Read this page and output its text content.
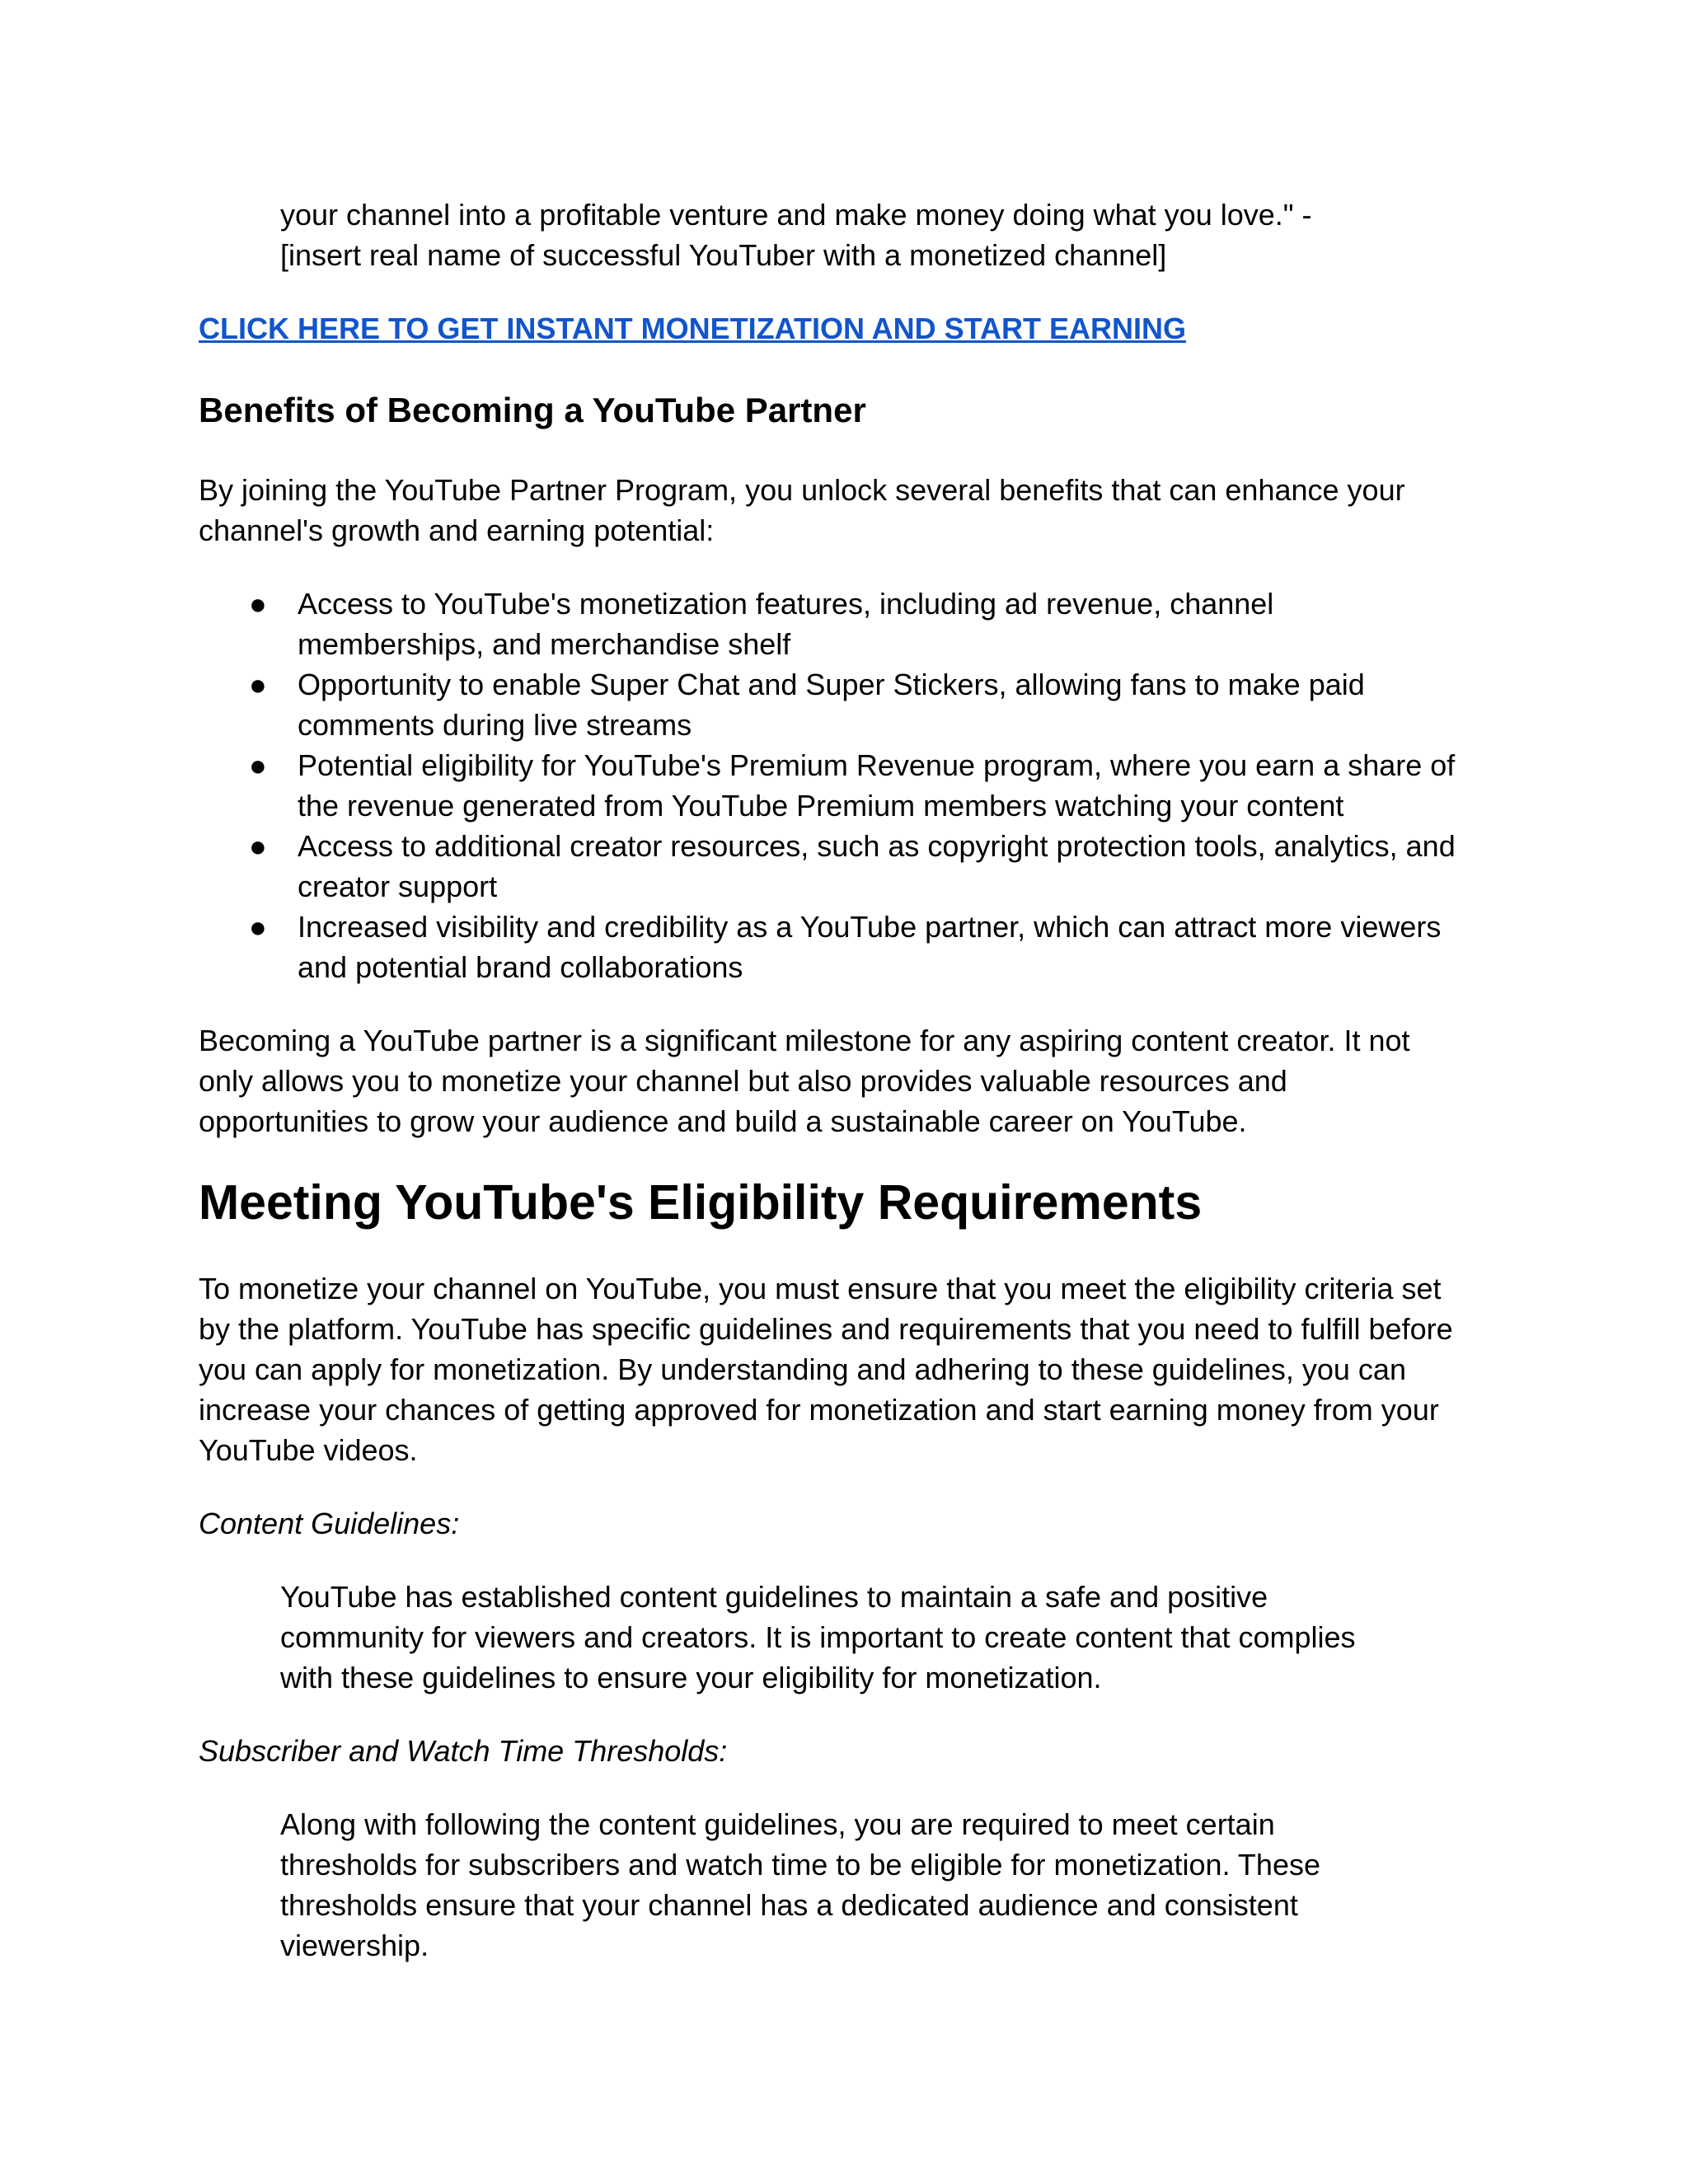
your channel into a profitable venture and make money doing what you love." -
[insert real name of successful YouTuber with a monetized channel]
CLICK HERE TO GET INSTANT MONETIZATION AND START EARNING
Benefits of Becoming a YouTube Partner
By joining the YouTube Partner Program, you unlock several benefits that can enhance your
channel's growth and earning potential:
● Access to YouTube's monetization features, including ad revenue, channel
memberships, and merchandise shelf
● Opportunity to enable Super Chat and Super Stickers, allowing fans to make paid
comments during live streams
● Potential eligibility for YouTube's Premium Revenue program, where you earn a share of
the revenue generated from YouTube Premium members watching your content
● Access to additional creator resources, such as copyright protection tools, analytics, and
creator support
● Increased visibility and credibility as a YouTube partner, which can attract more viewers
and potential brand collaborations
Becoming a YouTube partner is a significant milestone for any aspiring content creator. It not
only allows you to monetize your channel but also provides valuable resources and
opportunities to grow your audience and build a sustainable career on YouTube.
Meeting YouTube's Eligibility Requirements
To monetize your channel on YouTube, you must ensure that you meet the eligibility criteria set
by the platform. YouTube has specific guidelines and requirements that you need to fulfill before
you can apply for monetization. By understanding and adhering to these guidelines, you can
increase your chances of getting approved for monetization and start earning money from your
YouTube videos.
Content Guidelines:
YouTube has established content guidelines to maintain a safe and positive
community for viewers and creators. It is important to create content that complies
with these guidelines to ensure your eligibility for monetization.
Subscriber and Watch Time Thresholds:
Along with following the content guidelines, you are required to meet certain
thresholds for subscribers and watch time to be eligible for monetization. These
thresholds ensure that your channel has a dedicated audience and consistent
viewership.
